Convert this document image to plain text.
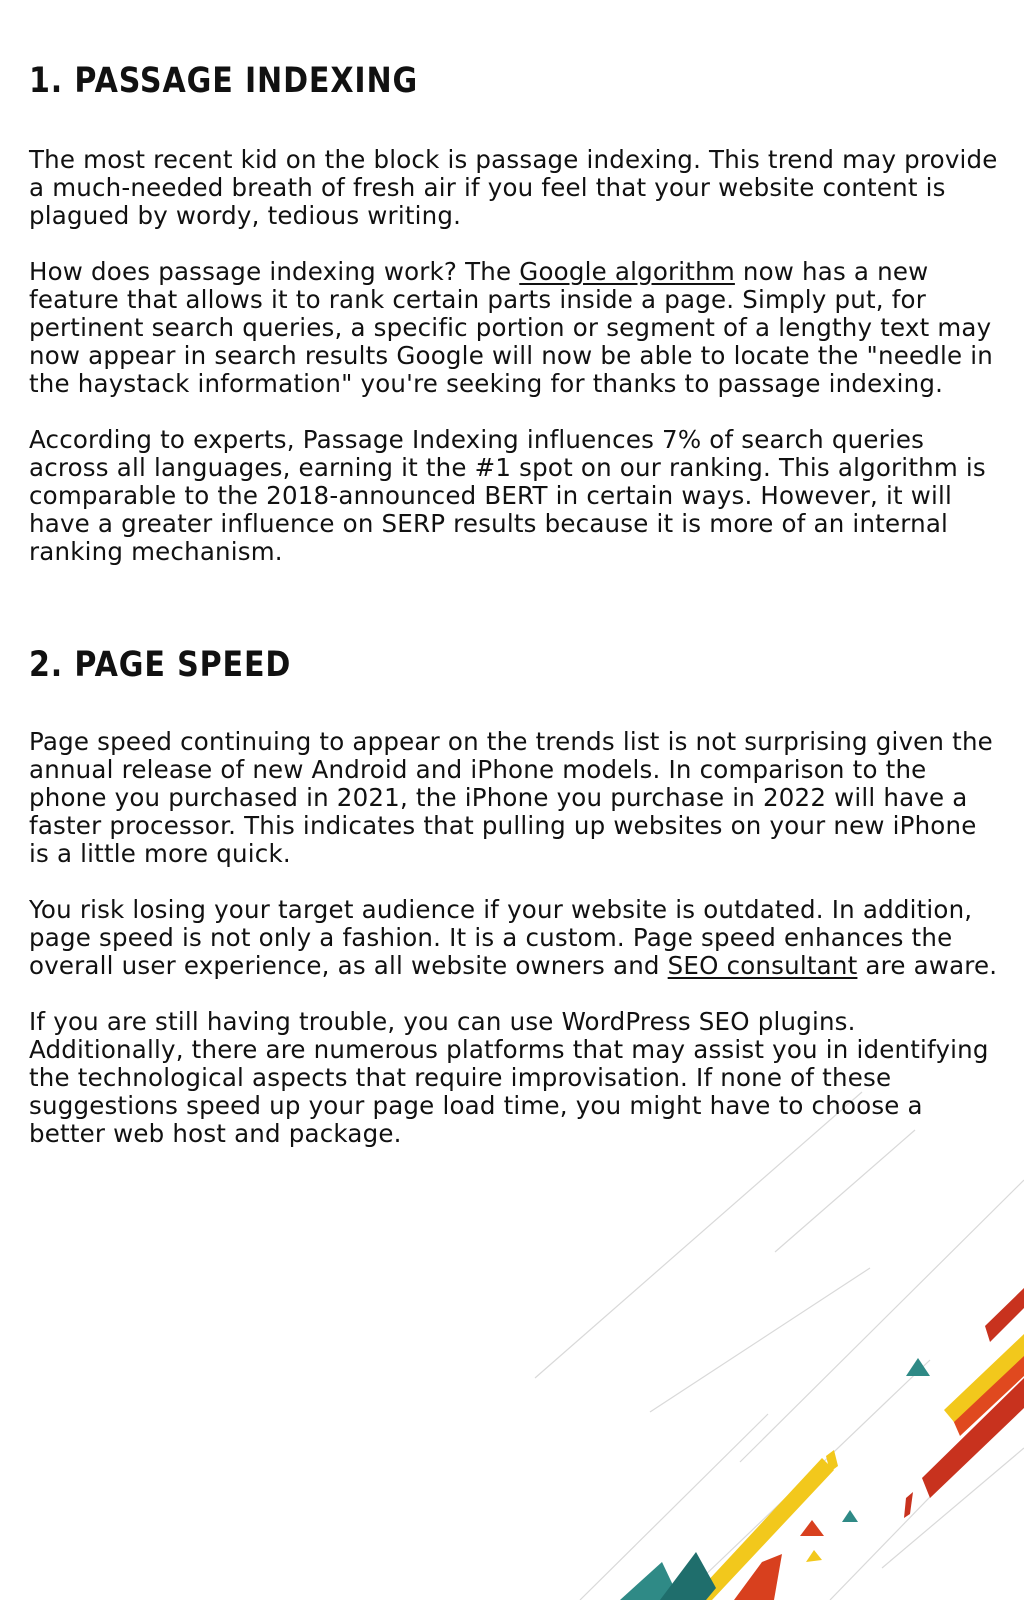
1. PASSAGE INDEXING

The most recent kid on the block is passage indexing. This trend may provide a much-needed breath of fresh air if you feel that your website content is plagued by wordy, tedious writing.

How does passage indexing work? The Google algorithm now has a new feature that allows it to rank certain parts inside a page. Simply put, for pertinent search queries, a specific portion or segment of a lengthy text may now appear in search results Google will now be able to locate the "needle in the haystack information" you're seeking for thanks to passage indexing.

According to experts, Passage Indexing influences 7% of search queries across all languages, earning it the #1 spot on our ranking. This algorithm is comparable to the 2018-announced BERT in certain ways. However, it will have a greater influence on SERP results because it is more of an internal ranking mechanism.

2. PAGE SPEED

Page speed continuing to appear on the trends list is not surprising given the annual release of new Android and iPhone models. In comparison to the phone you purchased in 2021, the iPhone you purchase in 2022 will have a faster processor. This indicates that pulling up websites on your new iPhone is a little more quick.

You risk losing your target audience if your website is outdated. In addition, page speed is not only a fashion. It is a custom. Page speed enhances the overall user experience, as all website owners and SEO consultant are aware.

If you are still having trouble, you can use WordPress SEO plugins. Additionally, there are numerous platforms that may assist you in identifying the technological aspects that require improvisation. If none of these suggestions speed up your page load time, you might have to choose a better web host and package.
